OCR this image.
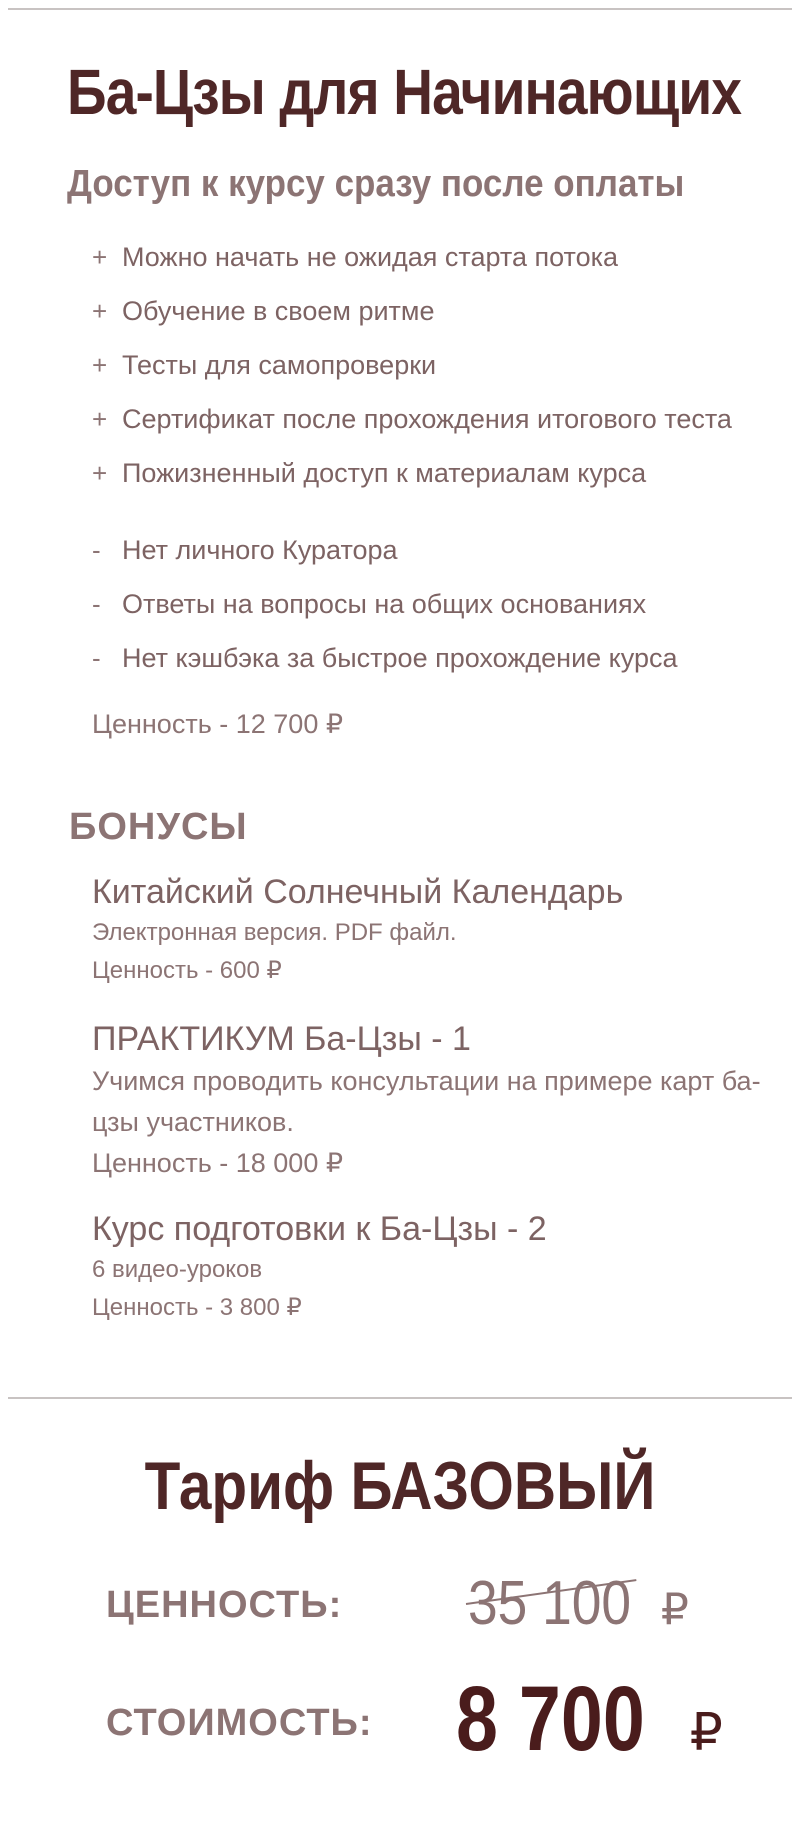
Ба-Цзы для Начинающих
Доступ к курсу сразу после оплаты
+ Можно начать не ожидая старта потока
+ Обучение в своем ритме
+ Тесты для самопроверки
+ Сертификат после прохождения итогового теста
+ Пожизненный доступ к материалам курса
- Нет личного Куратора
- Ответы на вопросы на общих основаниях
- Нет кэшбэка за быстрое прохождение курса
Ценность - 12 700 ₽
БОНУСЫ
Китайский Солнечный Календарь
Электронная версия. PDF файл.
Ценность - 600 ₽
ПРАКТИКУМ Ба-Цзы - 1
Учимся проводить консультации на примере карт ба-цзы участников.
Ценность - 18 000 ₽
Курс подготовки к Ба-Цзы - 2
6 видео-уроков
Ценность - 3 800 ₽
Тариф БАЗОВЫЙ
ЦЕННОСТЬ: 35 100 ₽
СТОИМОСТЬ: 8 700 ₽
